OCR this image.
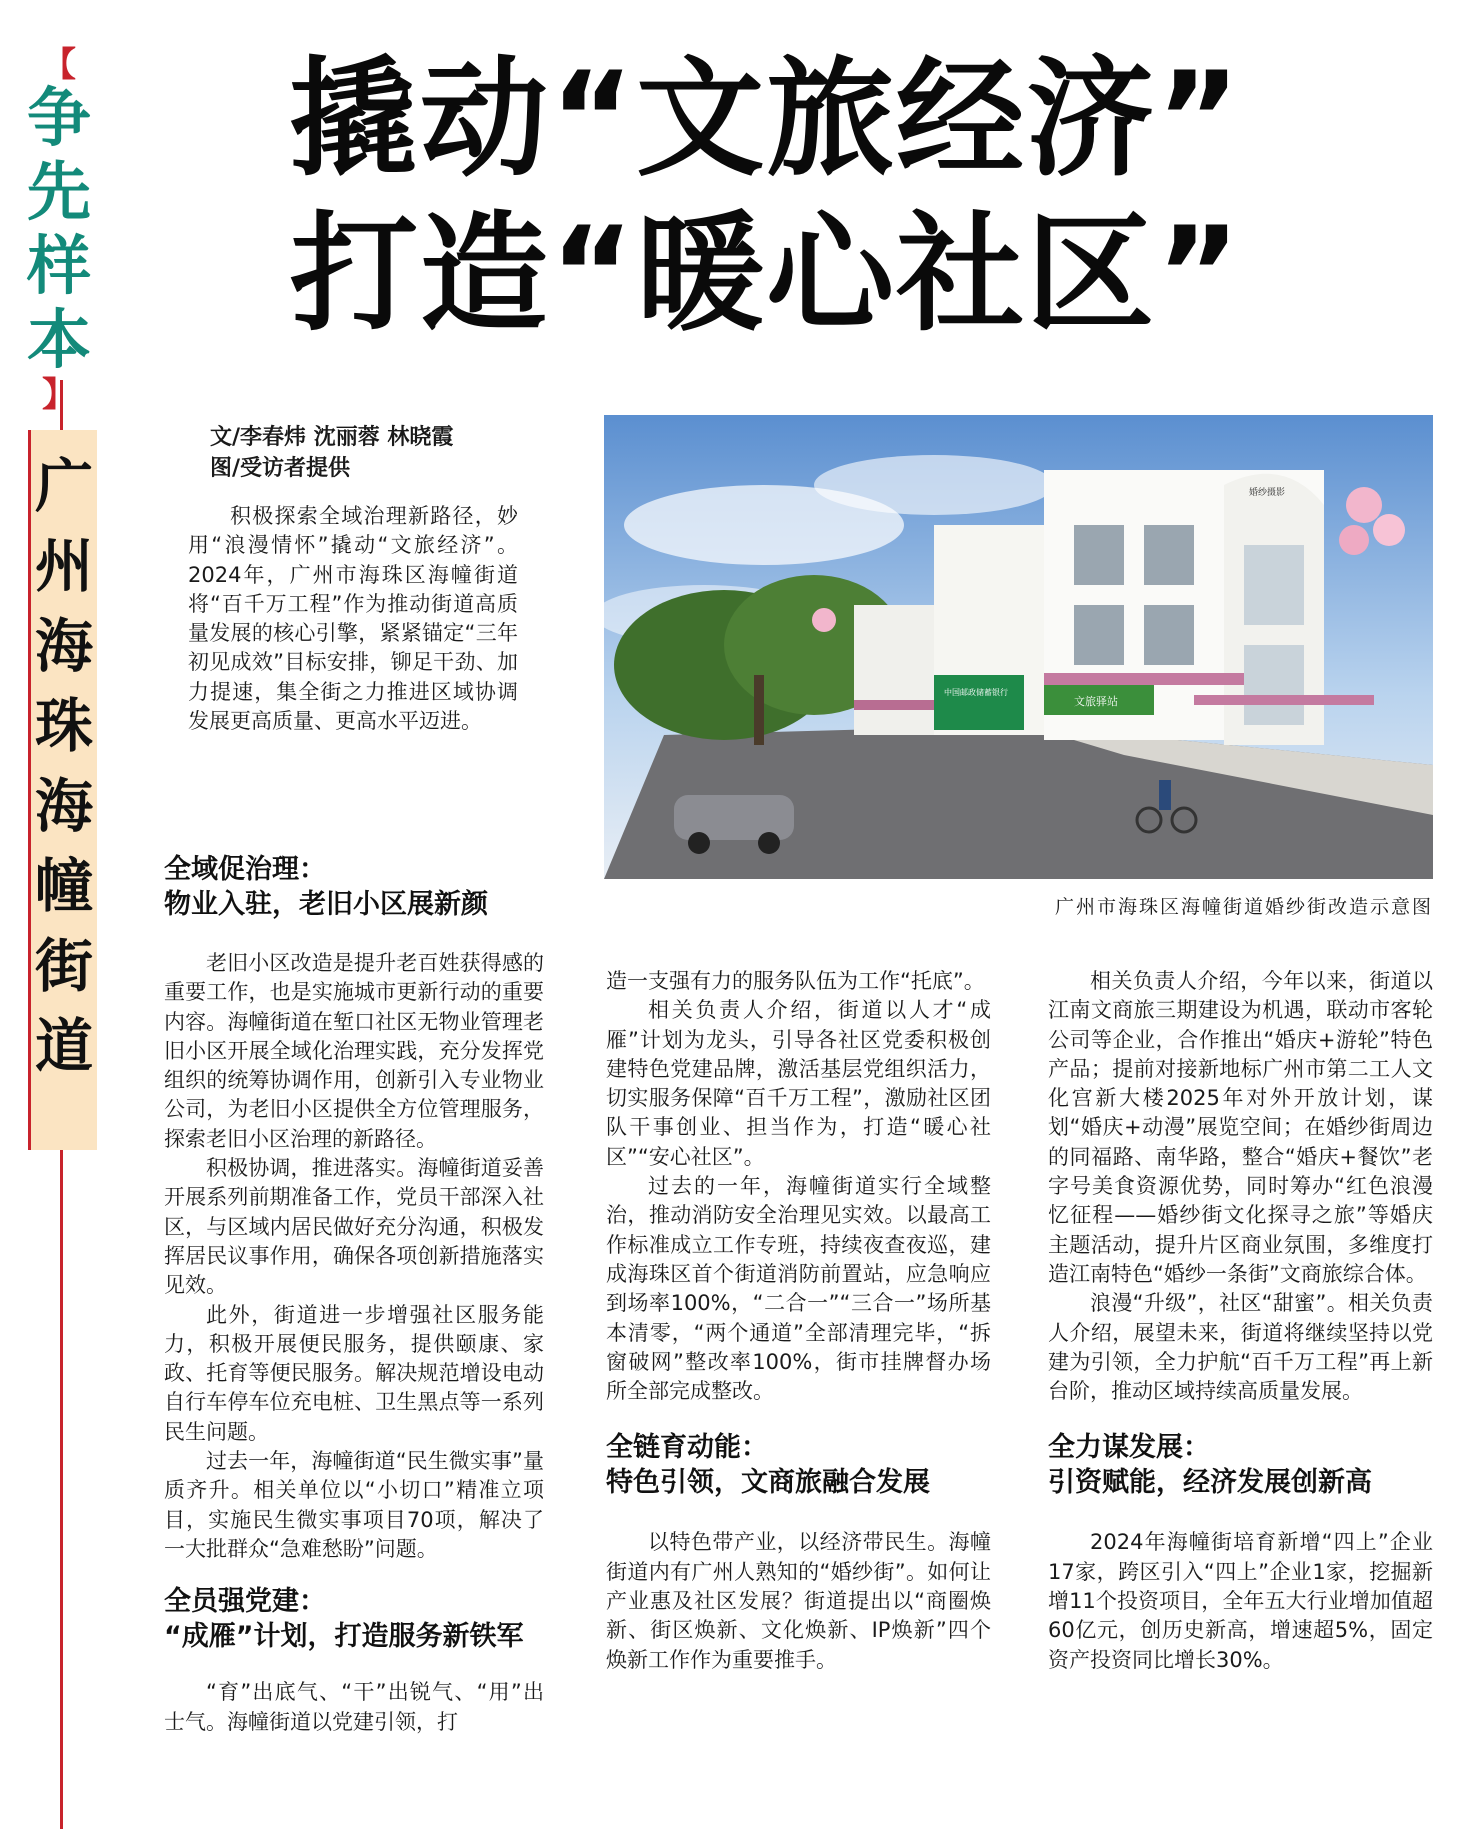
【
争
先
样
本
】
广
州
海
珠
海
幢
街
道
撬动“文旅经济”
打造“暖心社区”
文/李春炜 沈丽蓉 林晓霞
图/受访者提供

积极探索全域治理新路径，妙用“浪漫情怀”撬动“文旅经济”。2024年，广州市海珠区海幢街道将“百千万工程”作为推动街道高质量发展的核心引擎，紧紧锚定“三年初见成效”目标安排，铆足干劲、加力提速，集全街之力推进区域协调发展更高质量、更高水平迈进。

文旅驿站
中国邮政储蓄银行
婚纱摄影
广州市海珠区海幢街道婚纱街改造示意图
全域促治理：
物业入驻，老旧小区展新颜

老旧小区改造是提升老百姓获得感的重要工作，也是实施城市更新行动的重要内容。海幢街道在堑口社区无物业管理老旧小区开展全域化治理实践，充分发挥党组织的统筹协调作用，创新引入专业物业公司，为老旧小区提供全方位管理服务，探索老旧小区治理的新路径。

积极协调，推进落实。海幢街道妥善开展系列前期准备工作，党员干部深入社区，与区域内居民做好充分沟通，积极发挥居民议事作用，确保各项创新措施落实见效。

此外，街道进一步增强社区服务能力，积极开展便民服务，提供颐康、家政、托育等便民服务。解决规范增设电动自行车停车位充电桩、卫生黑点等一系列民生问题。

过去一年，海幢街道“民生微实事”量质齐升。相关单位以“小切口”精准立项目，实施民生微实事项目70项，解决了一大批群众“急难愁盼”问题。

全员强党建：
“成雁”计划，打造服务新铁军

“育”出底气、“干”出锐气、“用”出士气。海幢街道以党建引领，打

造一支强有力的服务队伍为工作“托底”。

相关负责人介绍，街道以人才“成雁”计划为龙头，引导各社区党委积极创建特色党建品牌，激活基层党组织活力，切实服务保障“百千万工程”，激励社区团队干事创业、担当作为，打造“暖心社区”“安心社区”。

过去的一年，海幢街道实行全域整治，推动消防安全治理见实效。以最高工作标准成立工作专班，持续夜查夜巡，建成海珠区首个街道消防前置站，应急响应到场率100%，“二合一”“三合一”场所基本清零，“两个通道”全部清理完毕，“拆窗破网”整改率100%，街市挂牌督办场所全部完成整改。

全链育动能：
特色引领，文商旅融合发展

以特色带产业，以经济带民生。海幢街道内有广州人熟知的“婚纱街”。如何让产业惠及社区发展？街道提出以“商圈焕新、街区焕新、文化焕新、IP焕新”四个焕新工作作为重要推手。

相关负责人介绍，今年以来，街道以江南文商旅三期建设为机遇，联动市客轮公司等企业，合作推出“婚庆+游轮”特色产品；提前对接新地标广州市第二工人文化宫新大楼2025年对外开放计划，谋划“婚庆+动漫”展览空间；在婚纱街周边的同福路、南华路，整合“婚庆+餐饮”老字号美食资源优势，同时筹办“红色浪漫忆征程——婚纱街文化探寻之旅”等婚庆主题活动，提升片区商业氛围，多维度打造江南特色“婚纱一条街”文商旅综合体。

浪漫“升级”，社区“甜蜜”。相关负责人介绍，展望未来，街道将继续坚持以党建为引领，全力护航“百千万工程”再上新台阶，推动区域持续高质量发展。

全力谋发展：
引资赋能，经济发展创新高

2024年海幢街培育新增“四上”企业17家，跨区引入“四上”企业1家，挖掘新增11个投资项目，全年五大行业增加值超60亿元，创历史新高，增速超5%，固定资产投资同比增长30%。
